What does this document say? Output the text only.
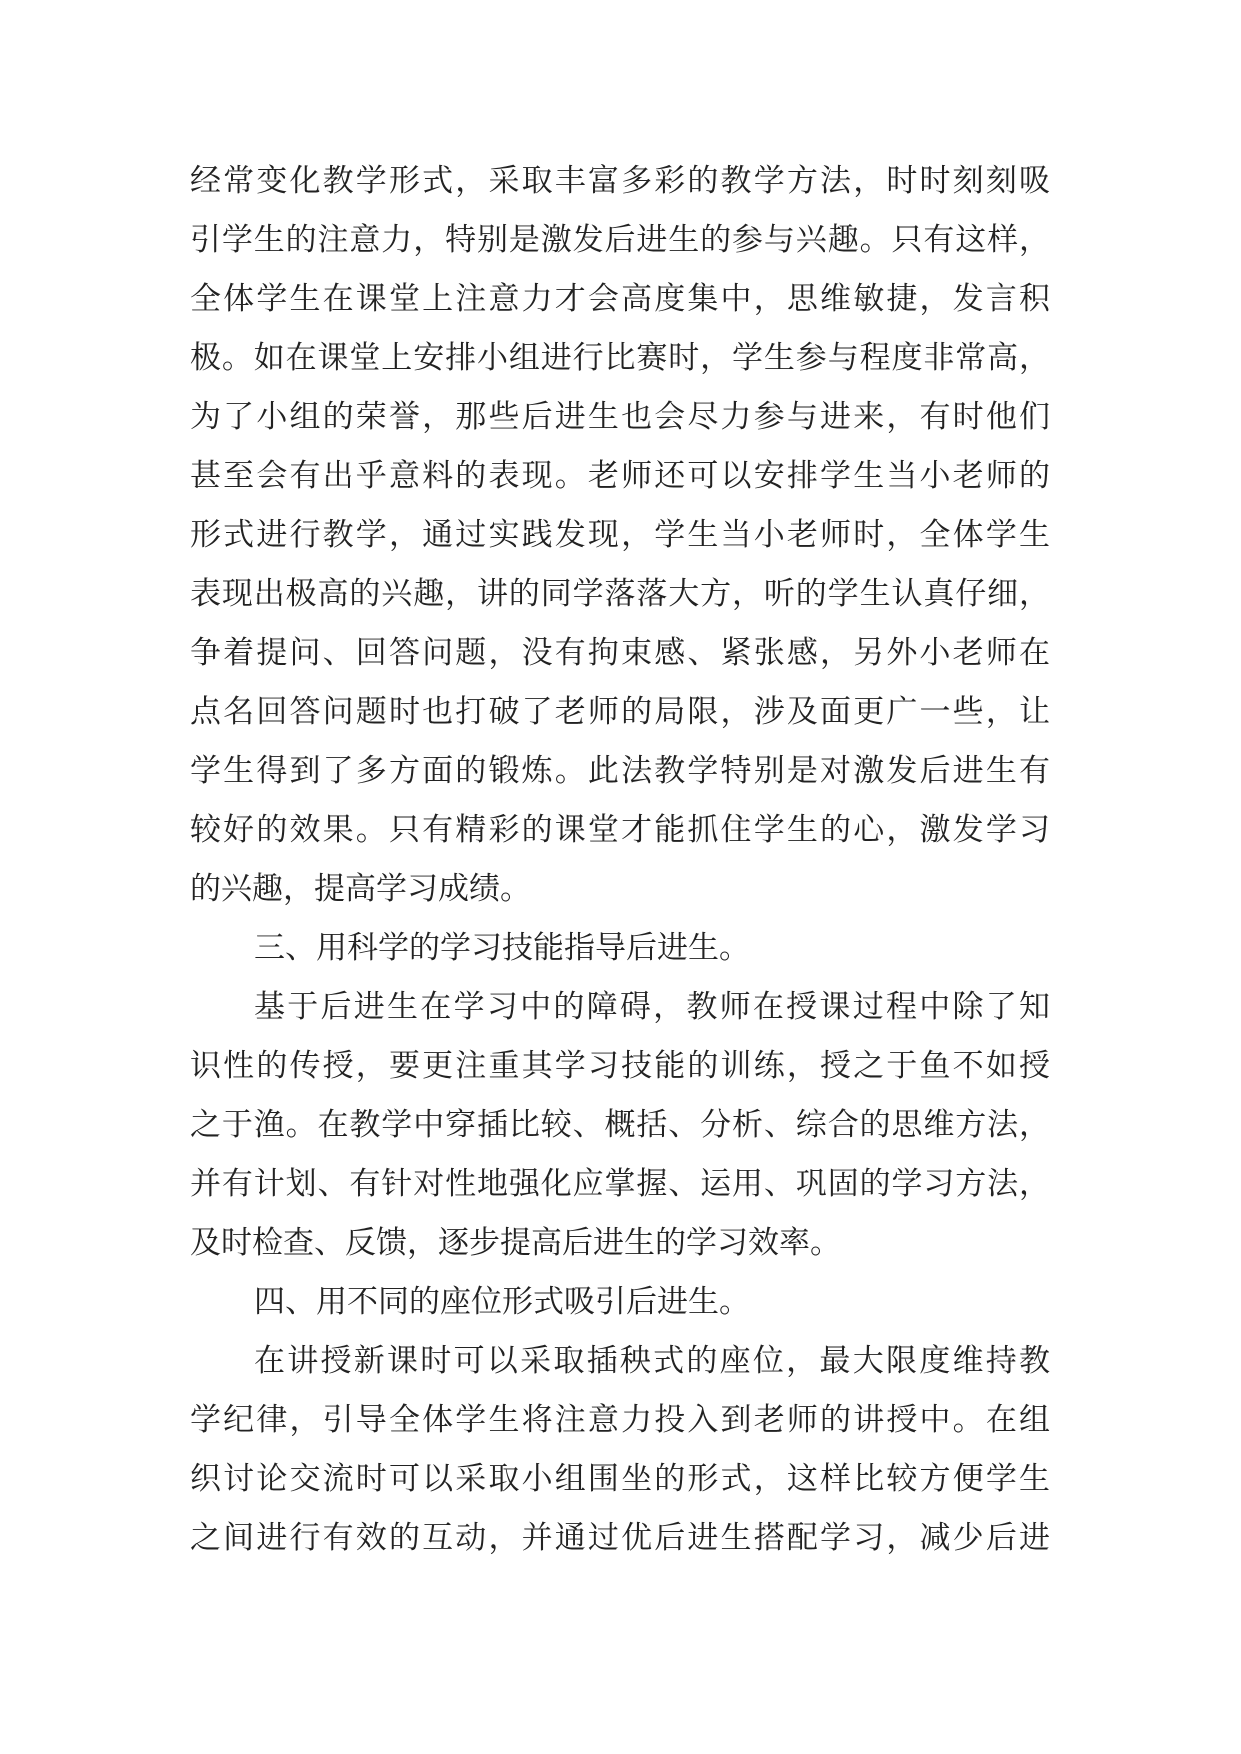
经常变化教学形式，采取丰富多彩的教学方法，时时刻刻吸
引学生的注意力，特别是激发后进生的参与兴趣。只有这样，
全体学生在课堂上注意力才会高度集中，思维敏捷，发言积
极。如在课堂上安排小组进行比赛时，学生参与程度非常高，
为了小组的荣誉，那些后进生也会尽力参与进来，有时他们
甚至会有出乎意料的表现。老师还可以安排学生当小老师的
形式进行教学，通过实践发现，学生当小老师时，全体学生
表现出极高的兴趣，讲的同学落落大方，听的学生认真仔细，
争着提问、回答问题，没有拘束感、紧张感，另外小老师在
点名回答问题时也打破了老师的局限，涉及面更广一些，让
学生得到了多方面的锻炼。此法教学特别是对激发后进生有
较好的效果。只有精彩的课堂才能抓住学生的心，激发学习
的兴趣，提高学习成绩。
三、用科学的学习技能指导后进生。
基于后进生在学习中的障碍，教师在授课过程中除了知
识性的传授，要更注重其学习技能的训练，授之于鱼不如授
之于渔。在教学中穿插比较、概括、分析、综合的思维方法，
并有计划、有针对性地强化应掌握、运用、巩固的学习方法，
及时检查、反馈，逐步提高后进生的学习效率。
四、用不同的座位形式吸引后进生。
在讲授新课时可以采取插秧式的座位，最大限度维持教
学纪律，引导全体学生将注意力投入到老师的讲授中。在组
织讨论交流时可以采取小组围坐的形式，这样比较方便学生
之间进行有效的互动，并通过优后进生搭配学习，减少后进
